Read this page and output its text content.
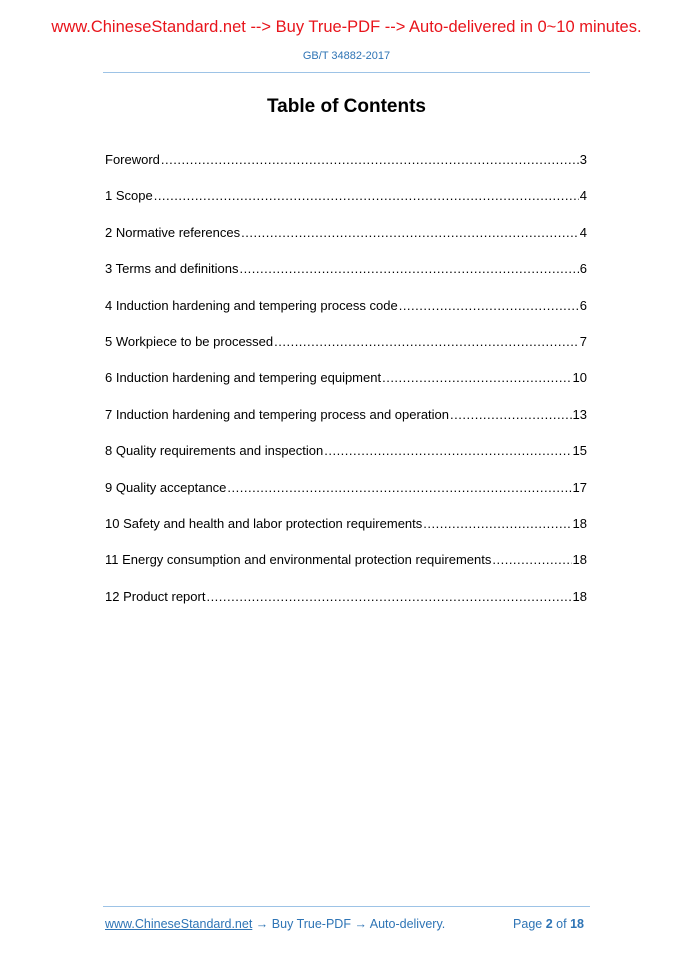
www.ChineseStandard.net --> Buy True-PDF --> Auto-delivered in 0~10 minutes.
GB/T 34882-2017
Table of Contents
Foreword .....	3
1 Scope .....	4
2 Normative references .....	4
3 Terms and definitions .....	6
4 Induction hardening and tempering process code .....	6
5 Workpiece to be processed .....	7
6 Induction hardening and tempering equipment .....	10
7 Induction hardening and tempering process and operation .....	13
8 Quality requirements and inspection .....	15
9 Quality acceptance .....	17
10 Safety and health and labor protection requirements .....	18
11 Energy consumption and environmental protection requirements .....	18
12 Product report .....	18
www.ChineseStandard.net → Buy True-PDF → Auto-delivery.	Page 2 of 18
